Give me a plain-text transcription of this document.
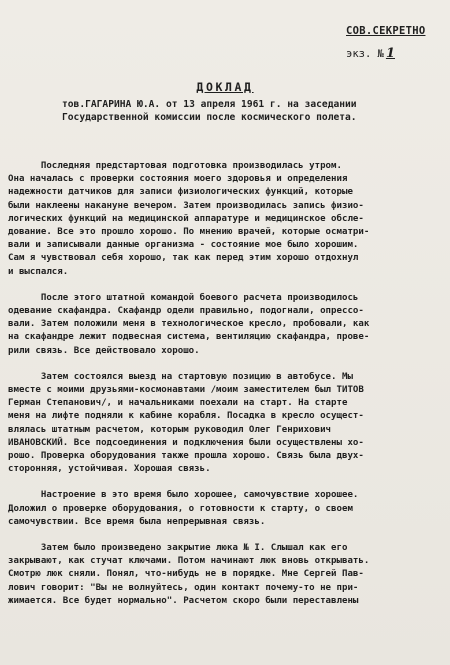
СОВ.СЕКРЕТНО
экз. № 1
ДОКЛАД
тов.ГАГАРИНА Ю.А. от 13 апреля 1961 г. на заседании
Государственной комиссии после космического полета.
Последняя предстартовая подготовка производилась утром.
Она началась с проверки состояния моего здоровья и определения
надежности датчиков для записи физиологических функций, которые
были наклеены накануне вечером. Затем производилась запись физио-
логических функций на медицинской аппаратуре и медицинское обсле-
дование. Все это прошло хорошо. По мнению врачей, которые осматри-
вали и записывали данные организма - состояние мое было хорошим.
Сам я чувствовал себя хорошо, так как перед этим хорошо отдохнул
и выспался.
После этого штатной командой боевого расчета производилось
одевание скафандра. Скафандр одели правильно, подогнали, опрессо-
вали. Затем положили меня в технологическое кресло, пробовали, как
на скафандре лежит подвесная система, вентиляцию скафандра, прове-
рили связь. Все действовало хорошо.
Затем состоялся выезд на стартовую позицию в автобусе. Мы
вместе с моими друзьями-космонавтами /моим заместителем был ТИТОВ
Герман Степанович/, и начальниками поехали на старт. На старте
меня на лифте подняли к кабине корабля. Посадка в кресло осущест-
влялась штатным расчетом, которым руководил Олег Генрихович
ИВАНОВСКИЙ. Все подсоединения и подключения были осуществлены хо-
рошо. Проверка оборудования также прошла хорошо. Связь была двух-
сторонняя, устойчивая. Хорошая связь.
Настроение в это время было хорошее, самочувствие хорошее.
Доложил о проверке оборудования, о готовности к старту, о своем
самочувствии. Все время была непрерывная связь.
Затем было произведено закрытие люка № I. Слышал как его
закрывают, как стучат ключами. Потом начинают люк вновь открывать.
Смотрю люк сняли. Понял, что-нибудь не в порядке. Мне Сергей Пав-
лович говорит: "Вы не волнуйтесь, один контакт почему-то не при-
жимается. Все будет нормально". Расчетом скоро были переставлены
